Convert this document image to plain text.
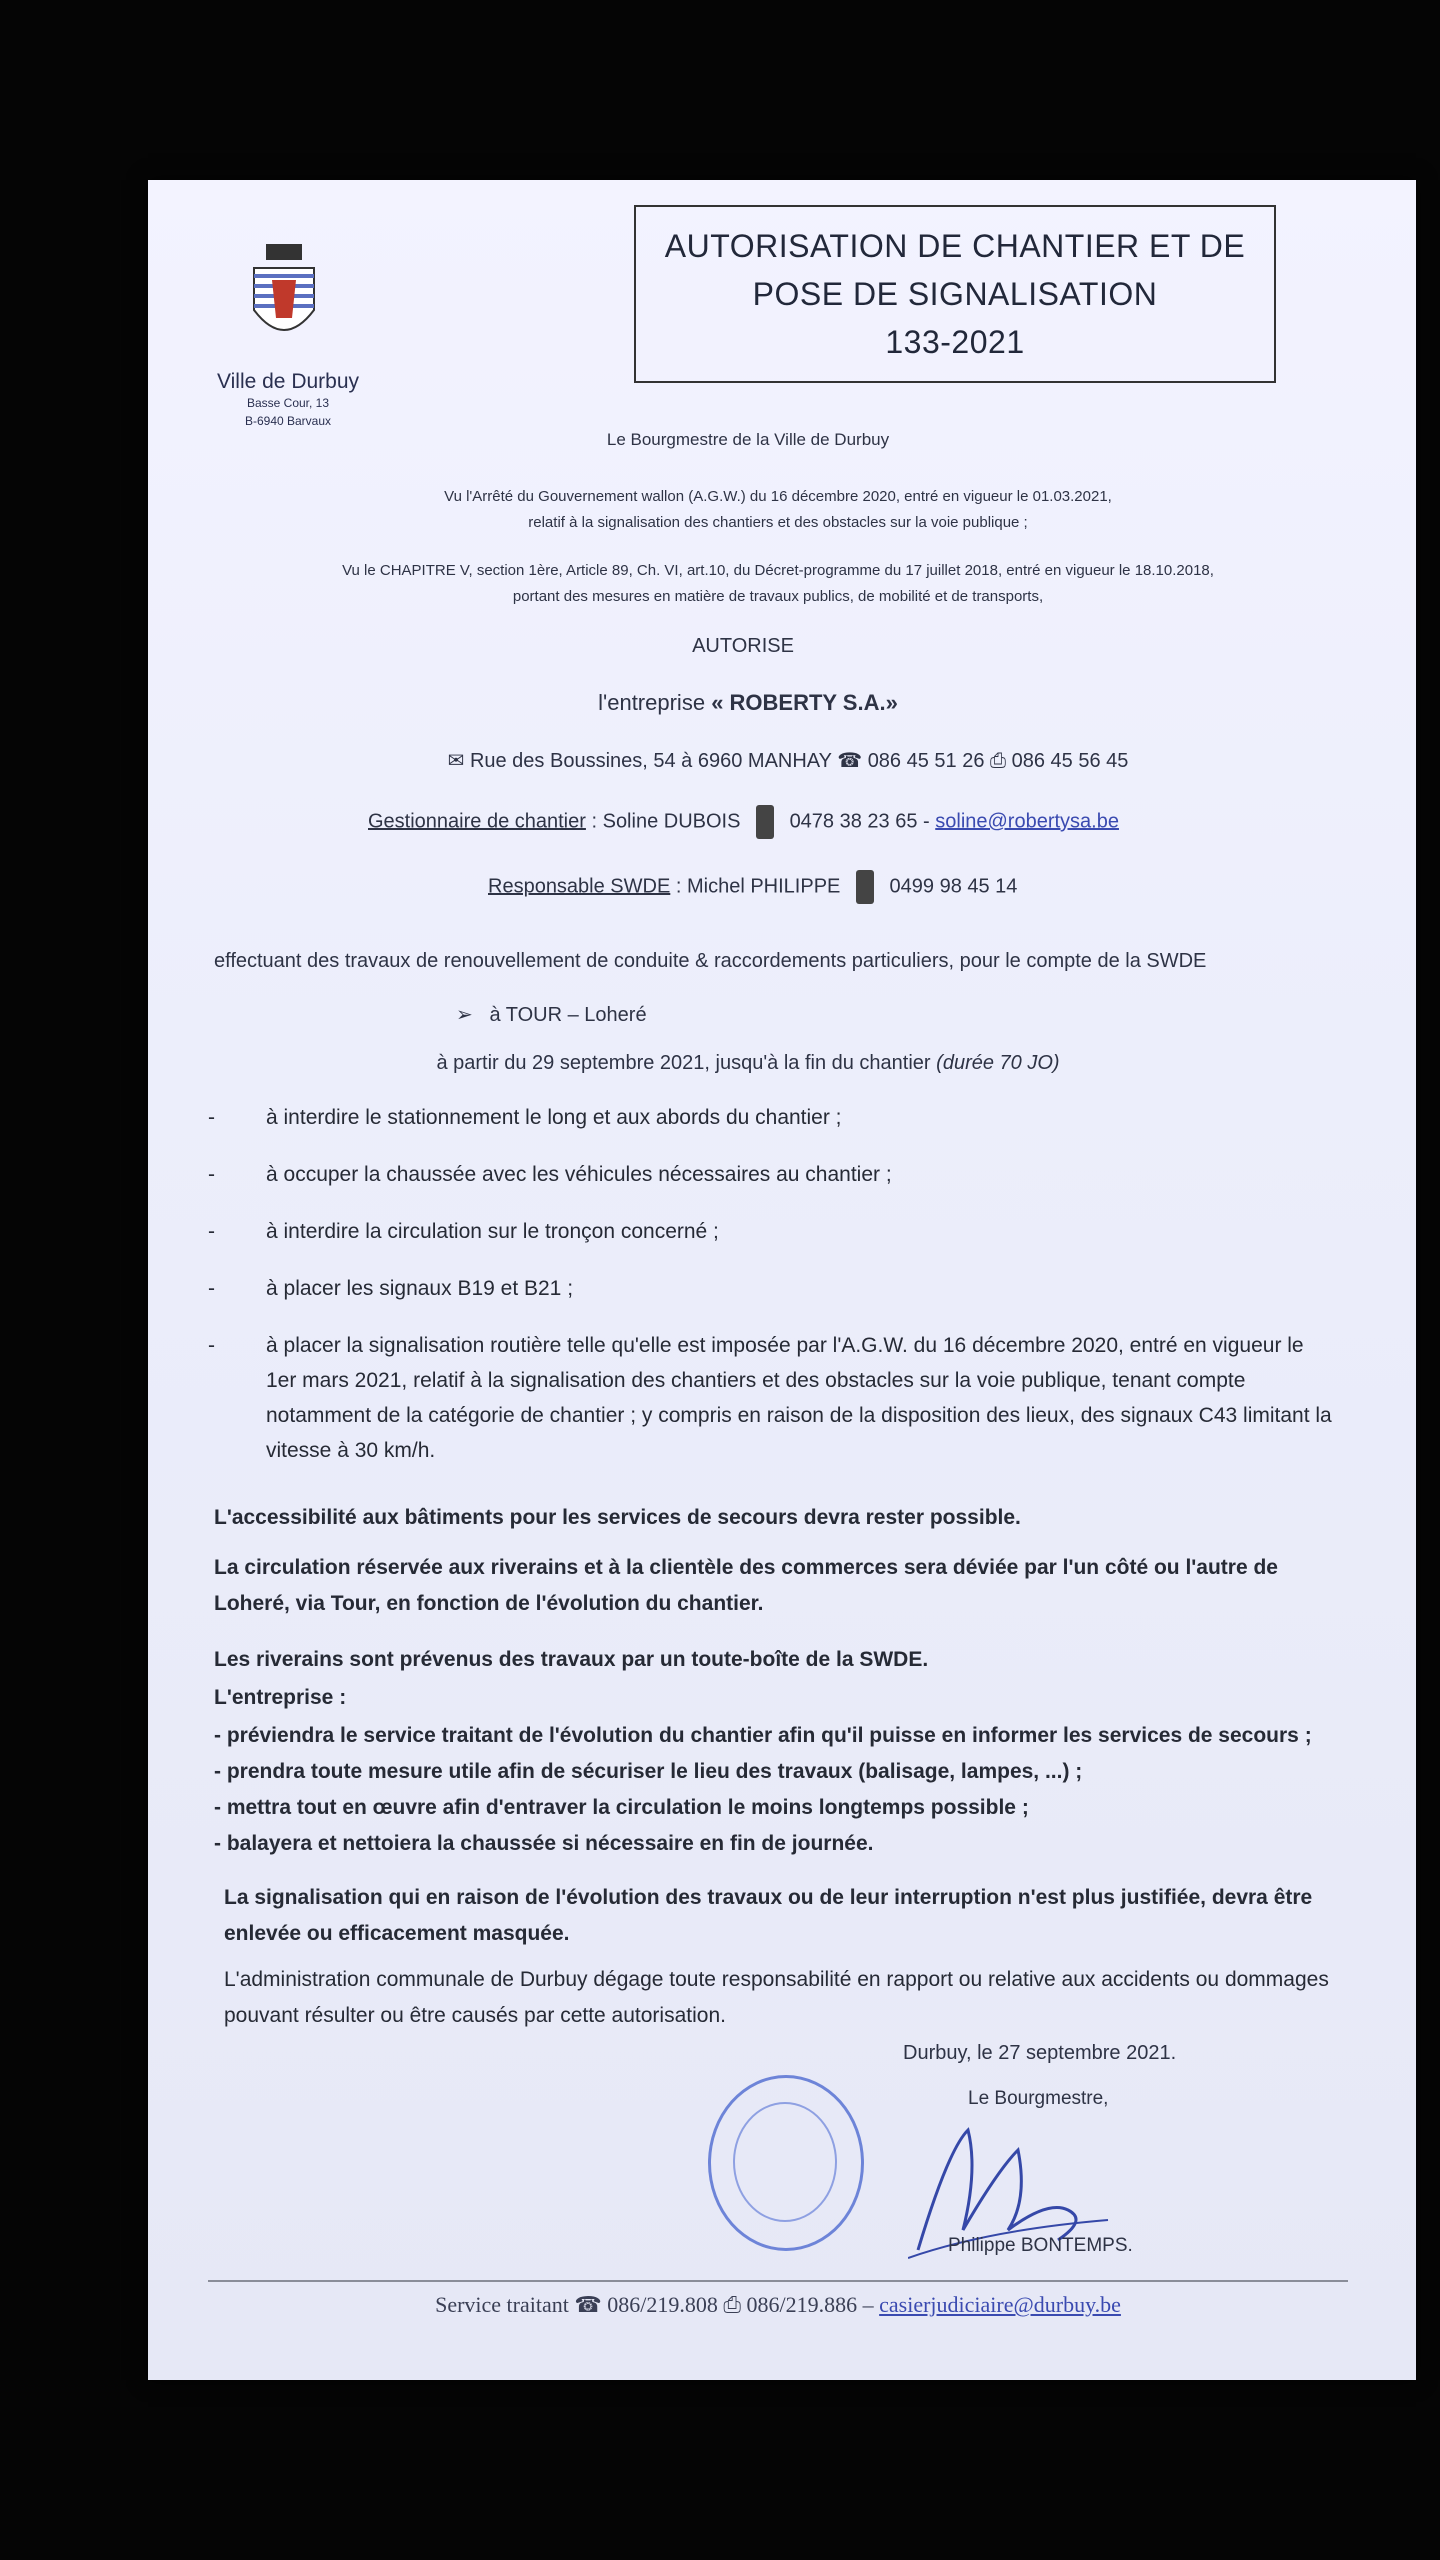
Ville de Durbuy
Basse Cour, 13
B-6940 Barvaux
AUTORISATION DE CHANTIER ET DE
POSE DE SIGNALISATION
133-2021
Le Bourgmestre de la Ville de Durbuy
Vu l'Arrêté du Gouvernement wallon (A.G.W.) du 16 décembre 2020, entré en vigueur le 01.03.2021,
relatif à la signalisation des chantiers et des obstacles sur la voie publique ;
Vu le CHAPITRE V, section 1ère, Article 89, Ch. VI, art.10, du Décret-programme du 17 juillet 2018, entré en vigueur le 18.10.2018,
portant des mesures en matière de travaux publics, de mobilité et de transports,
AUTORISE
l'entreprise « ROBERTY S.A.»
✉ Rue des Boussines, 54 à 6960 MANHAY ☎ 086 45 51 26 ⎙ 086 45 56 45
Gestionnaire de chantier : Soline DUBOIS 0478 38 23 65 - soline@robertysa.be
Responsable SWDE : Michel PHILIPPE 0499 98 45 14
effectuant des travaux de renouvellement de conduite & raccordements particuliers, pour le compte de la SWDE
➢ à TOUR – Loheré
à partir du 29 septembre 2021, jusqu'à la fin du chantier (durée 70 JO)
- à interdire le stationnement le long et aux abords du chantier ;
- à occuper la chaussée avec les véhicules nécessaires au chantier ;
- à interdire la circulation sur le tronçon concerné ;
- à placer les signaux B19 et B21 ;
- à placer la signalisation routière telle qu'elle est imposée par l'A.G.W. du 16 décembre 2020, entré en vigueur le 1er mars 2021, relatif à la signalisation des chantiers et des obstacles sur la voie publique, tenant compte notamment de la catégorie de chantier ; y compris en raison de la disposition des lieux, des signaux C43 limitant la vitesse à 30 km/h.
L'accessibilité aux bâtiments pour les services de secours devra rester possible.
La circulation réservée aux riverains et à la clientèle des commerces sera déviée par l'un côté ou l'autre de Loheré, via Tour, en fonction de l'évolution du chantier.
Les riverains sont prévenus des travaux par un toute-boîte de la SWDE.
L'entreprise :
- préviendra le service traitant de l'évolution du chantier afin qu'il puisse en informer les services de secours ;
- prendra toute mesure utile afin de sécuriser le lieu des travaux (balisage, lampes, ...) ;
- mettra tout en œuvre afin d'entraver la circulation le moins longtemps possible ;
- balayera et nettoiera la chaussée si nécessaire en fin de journée.
La signalisation qui en raison de l'évolution des travaux ou de leur interruption n'est plus justifiée, devra être enlevée ou efficacement masquée.
L'administration communale de Durbuy dégage toute responsabilité en rapport ou relative aux accidents ou dommages pouvant résulter ou être causés par cette autorisation.
Durbuy, le 27 septembre 2021.
Le Bourgmestre,
Philippe BONTEMPS.
Service traitant ☎ 086/219.808 ⎙ 086/219.886 – casierjudiciaire@durbuy.be
